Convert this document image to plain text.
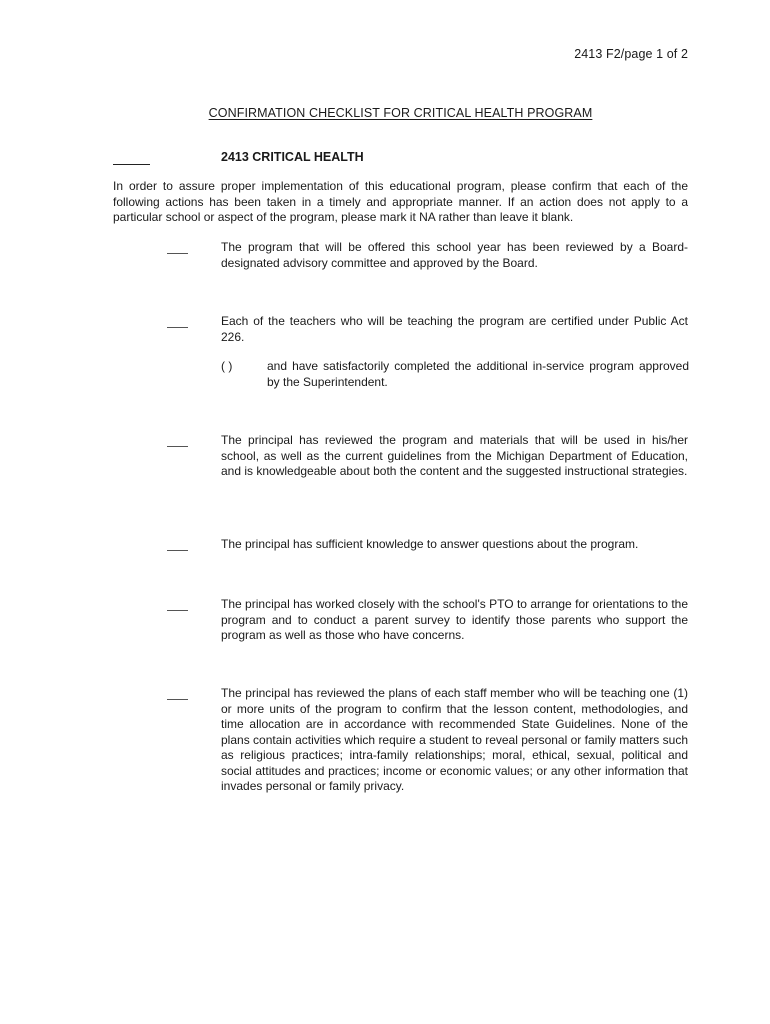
2413 F2/page 1 of 2
CONFIRMATION CHECKLIST FOR CRITICAL HEALTH PROGRAM
2413 CRITICAL HEALTH
In order to assure proper implementation of this educational program, please confirm that each of the following actions has been taken in a timely and appropriate manner. If an action does not apply to a particular school or aspect of the program, please mark it NA rather than leave it blank.
The program that will be offered this school year has been reviewed by a Board-designated advisory committee and approved by the Board.
Each of the teachers who will be teaching the program are certified under Public Act 226.
( )	and have satisfactorily completed the additional in-service program approved by the Superintendent.
The principal has reviewed the program and materials that will be used in his/her school, as well as the current guidelines from the Michigan Department of Education, and is knowledgeable about both the content and the suggested instructional strategies.
The principal has sufficient knowledge to answer questions about the program.
The principal has worked closely with the school's PTO to arrange for orientations to the program and to conduct a parent survey to identify those parents who support the program as well as those who have concerns.
The principal has reviewed the plans of each staff member who will be teaching one (1) or more units of the program to confirm that the lesson content, methodologies, and time allocation are in accordance with recommended State Guidelines. None of the plans contain activities which require a student to reveal personal or family matters such as religious practices; intra-family relationships; moral, ethical, sexual, political and social attitudes and practices; income or economic values; or any other information that invades personal or family privacy.
